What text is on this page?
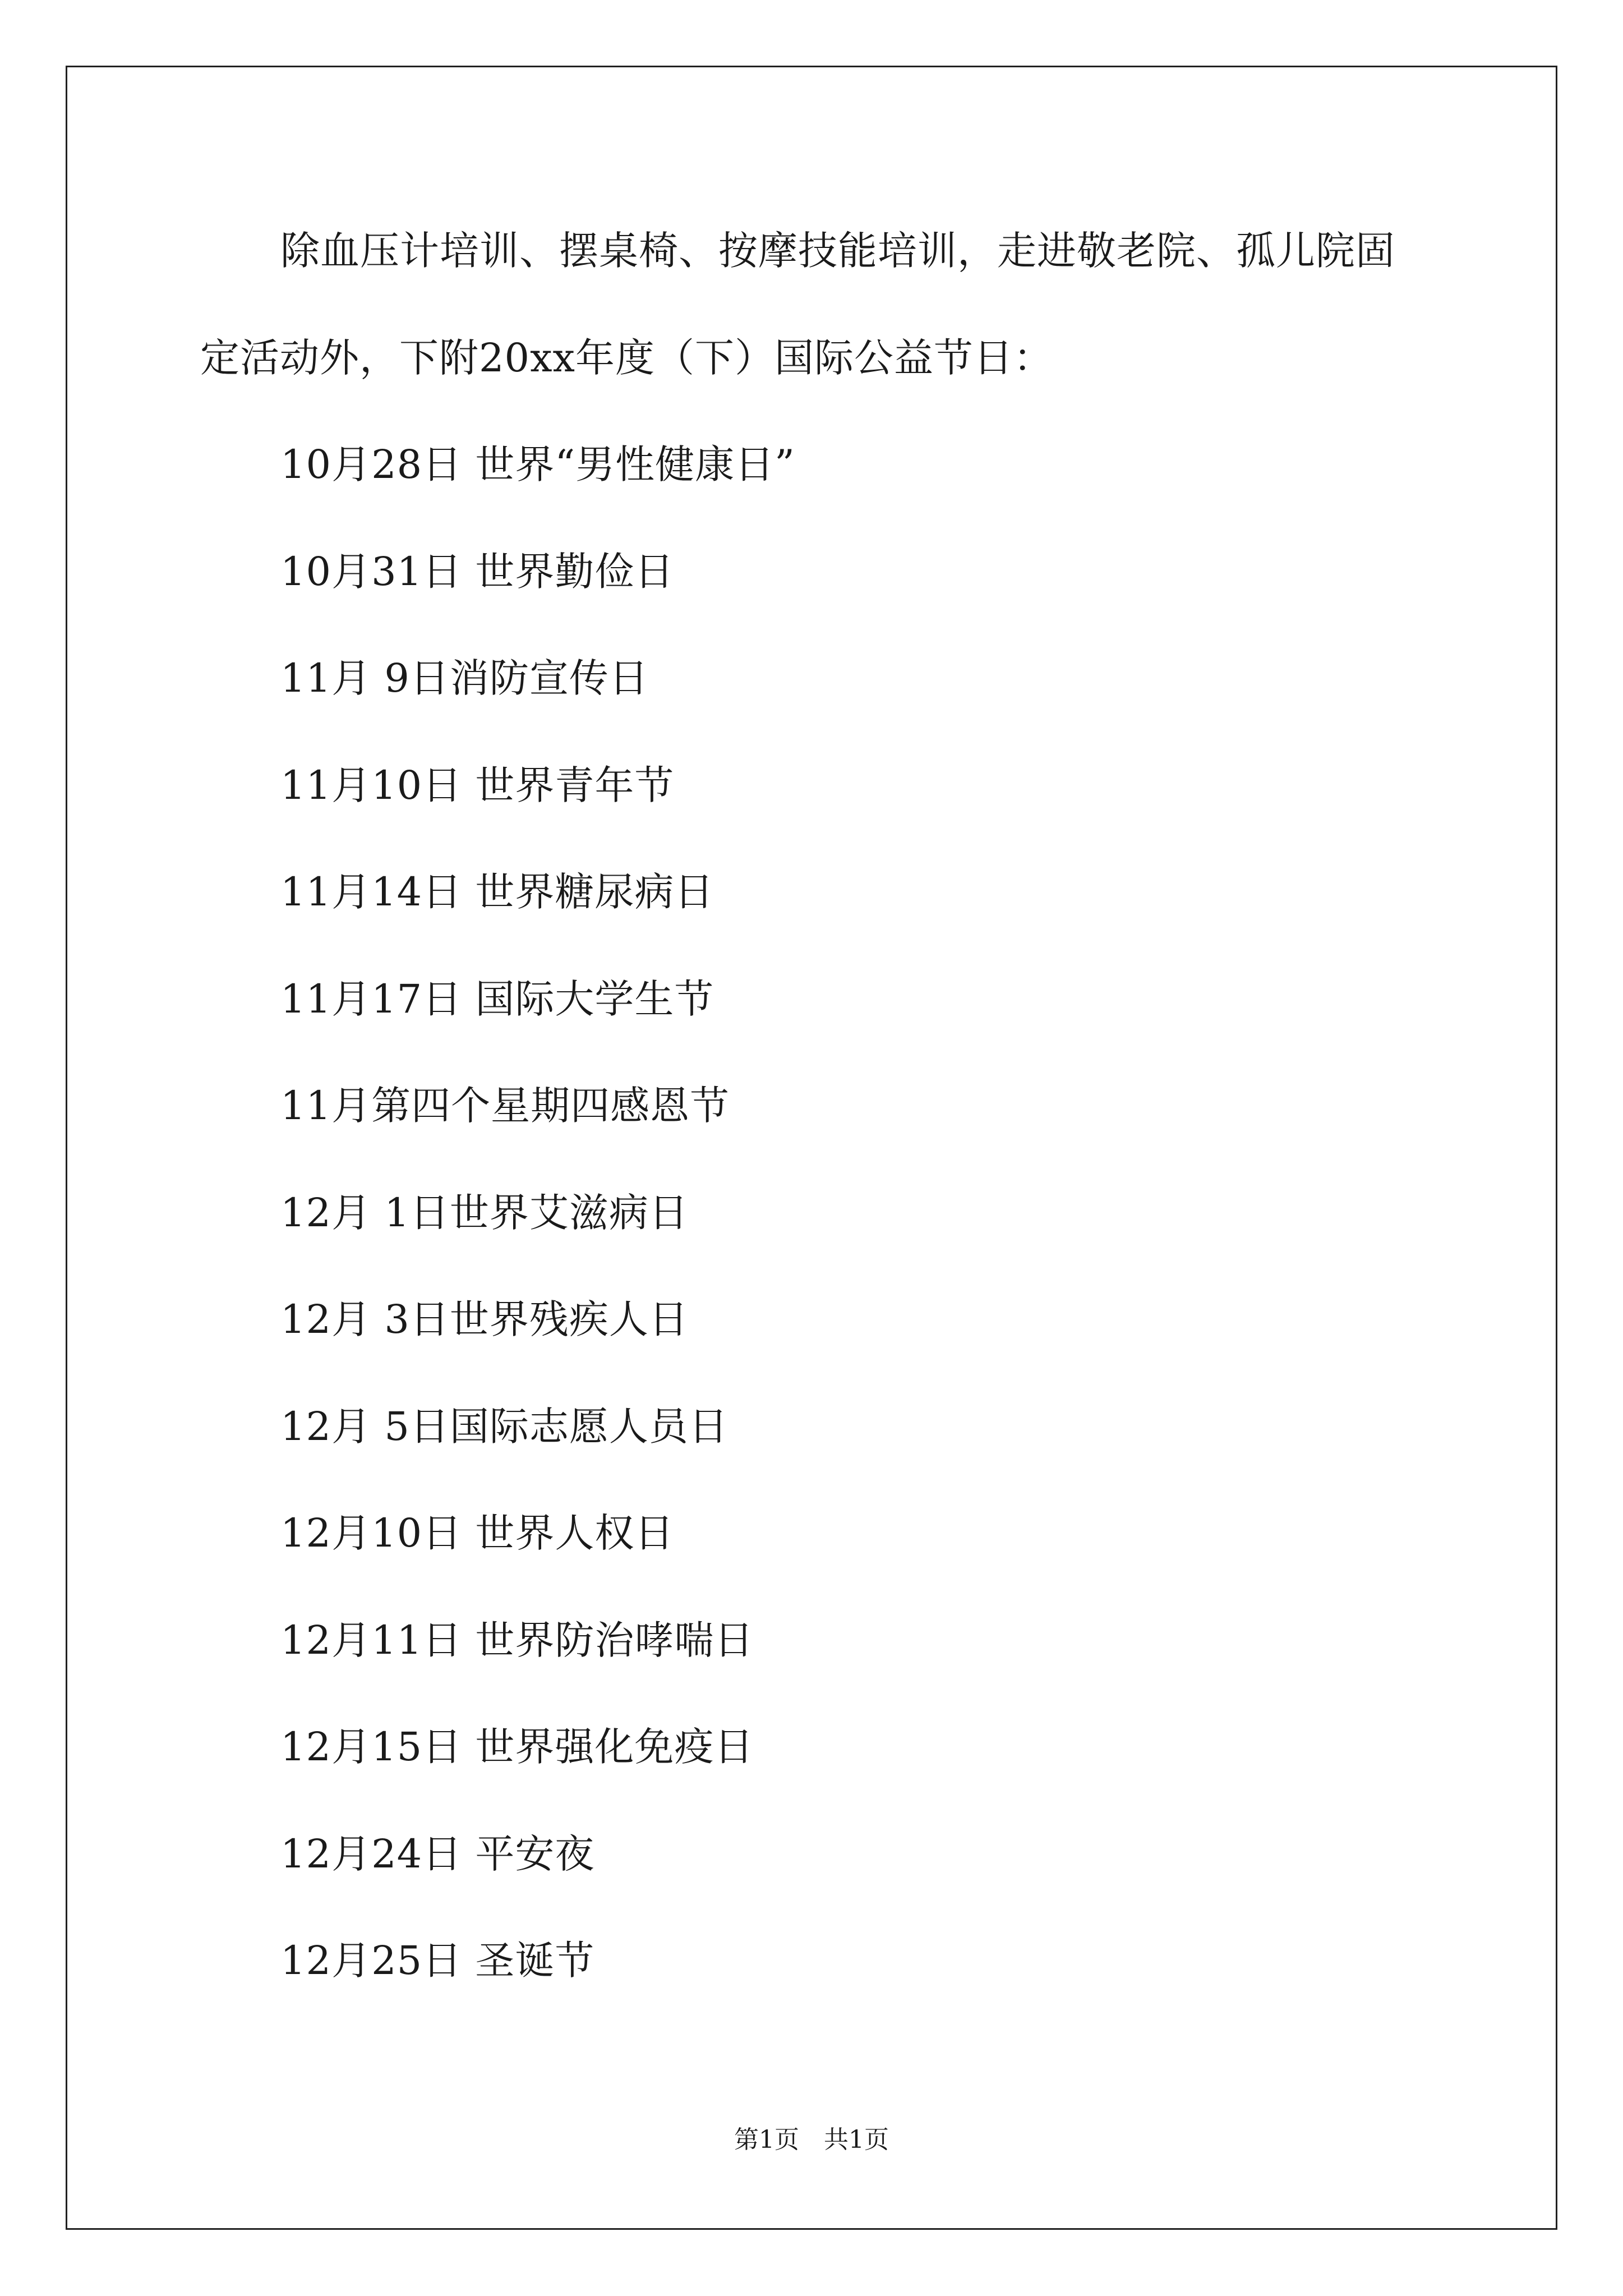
除血压计培训、摆桌椅、按摩技能培训，走进敬老院、孤儿院固
定活动外，下附20xx年度（下）国际公益节日：
10月28日 世界“男性健康日”
10月31日 世界勤俭日
11月 9日消防宣传日
11月10日 世界青年节
11月14日 世界糖尿病日
11月17日 国际大学生节
11月第四个星期四感恩节
12月 1日世界艾滋病日
12月 3日世界残疾人日
12月 5日国际志愿人员日
12月10日 世界人权日
12月11日 世界防治哮喘日
12月15日 世界强化免疫日
12月24日 平安夜
12月25日 圣诞节
第1页　共1页
